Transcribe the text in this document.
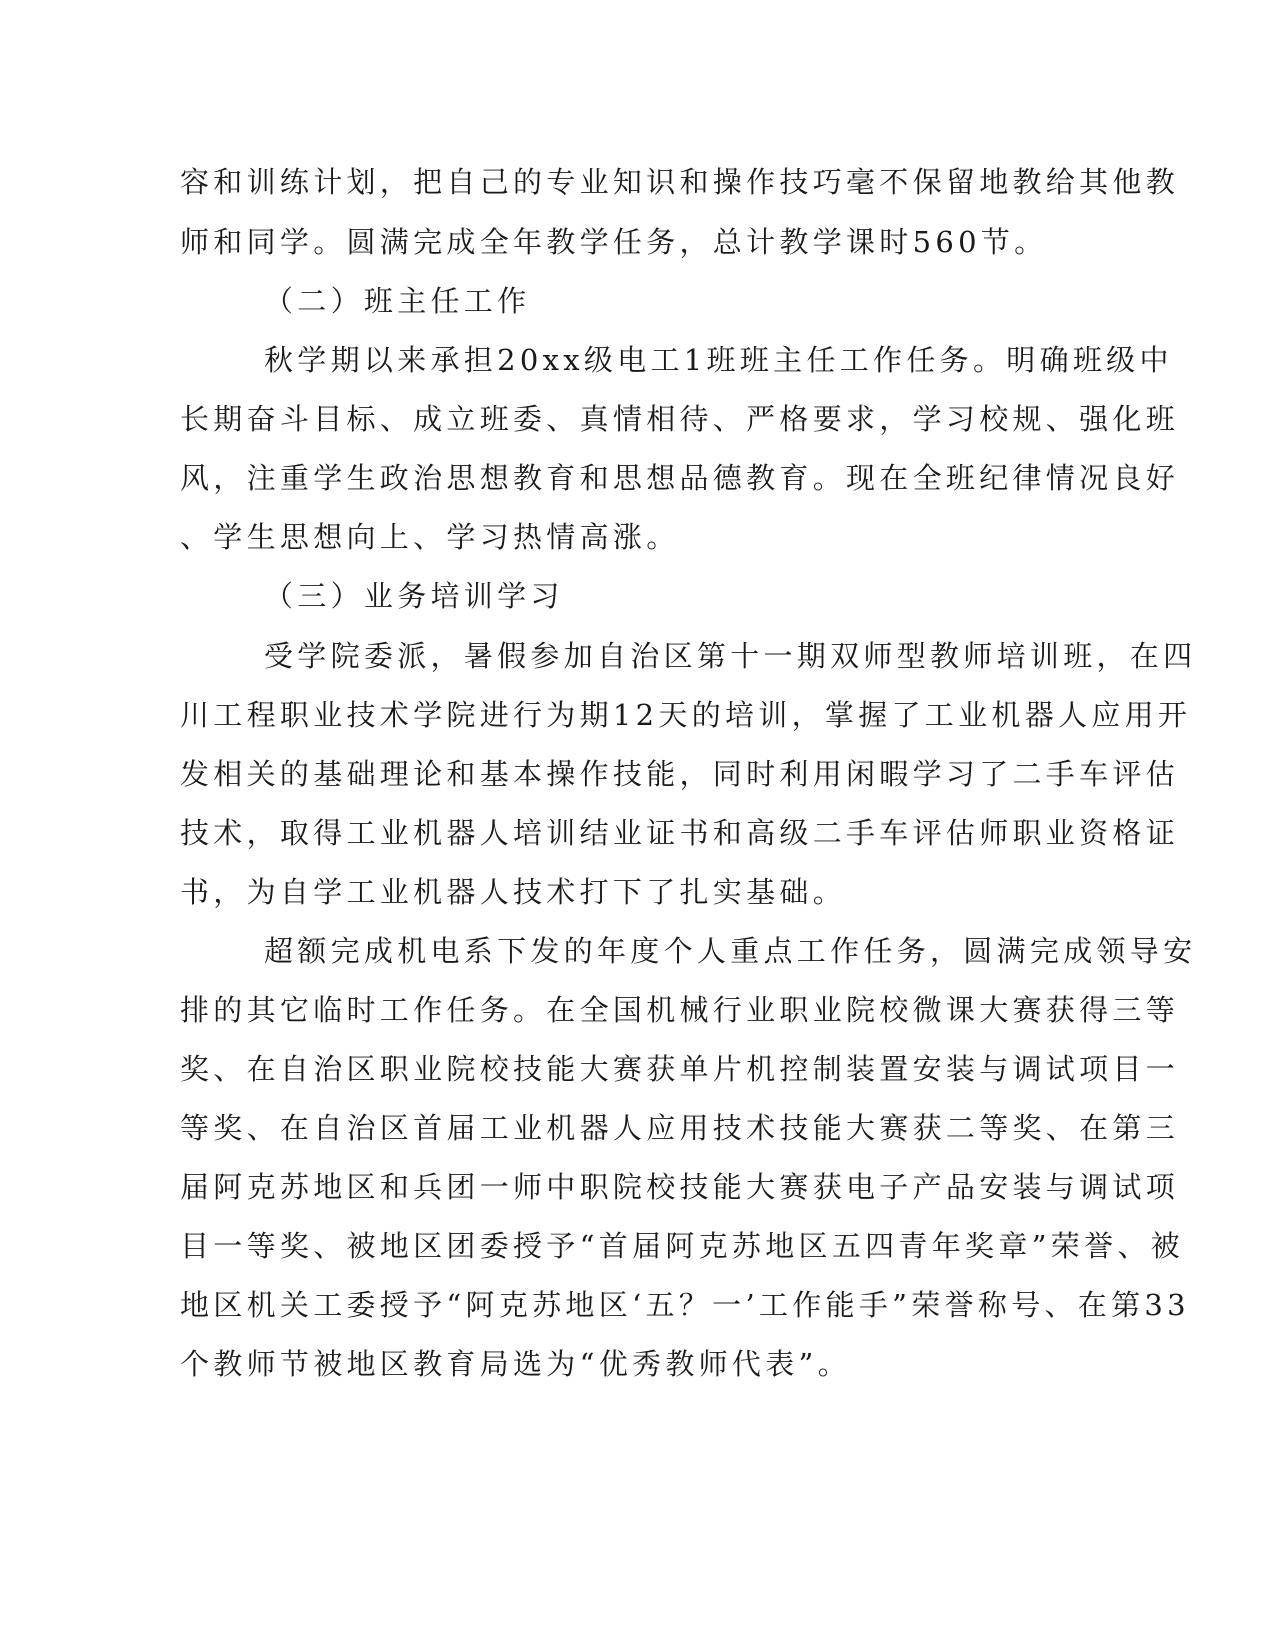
容和训练计划，把自己的专业知识和操作技巧毫不保留地教给其他教
师和同学。圆满完成全年教学任务，总计教学课时560节。
（二）班主任工作
秋学期以来承担20xx级电工1班班主任工作任务。明确班级中
长期奋斗目标、成立班委、真情相待、严格要求，学习校规、强化班
风，注重学生政治思想教育和思想品德教育。现在全班纪律情况良好
、学生思想向上、学习热情高涨。
（三）业务培训学习
受学院委派，暑假参加自治区第十一期双师型教师培训班，在四
川工程职业技术学院进行为期12天的培训，掌握了工业机器人应用开
发相关的基础理论和基本操作技能，同时利用闲暇学习了二手车评估
技术，取得工业机器人培训结业证书和高级二手车评估师职业资格证
书，为自学工业机器人技术打下了扎实基础。
超额完成机电系下发的年度个人重点工作任务，圆满完成领导安
排的其它临时工作任务。在全国机械行业职业院校微课大赛获得三等
奖、在自治区职业院校技能大赛获单片机控制装置安装与调试项目一
等奖、在自治区首届工业机器人应用技术技能大赛获二等奖、在第三
届阿克苏地区和兵团一师中职院校技能大赛获电子产品安装与调试项
目一等奖、被地区团委授予“首届阿克苏地区五四青年奖章”荣誉、被
地区机关工委授予“阿克苏地区‘五？一’工作能手”荣誉称号、在第33
个教师节被地区教育局选为“优秀教师代表”。
